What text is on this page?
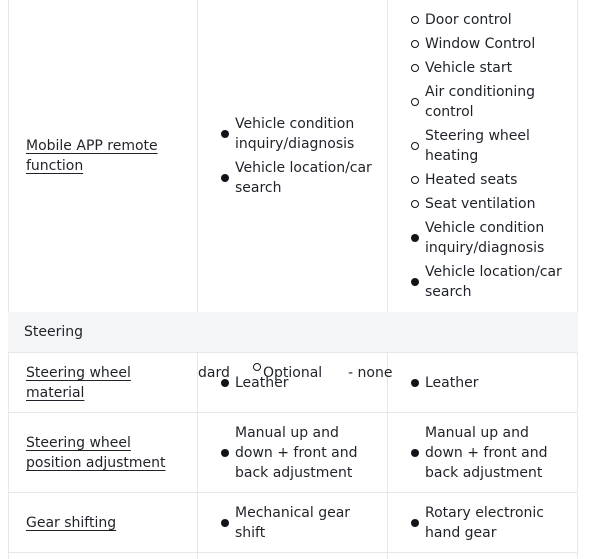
Mobile APP remote function
Vehicle condition inquiry/diagnosis
Vehicle location/car search
Door control
Window Control
Vehicle start
Air conditioning control
Steering wheel heating
Heated seats
Seat ventilation
Vehicle condition inquiry/diagnosis
Vehicle location/car search
Steering
Steering wheel material
Leather	Leather
Steering wheel position adjustment
Manual up and down + front and back adjustment
Manual up and down + front and back adjustment
Gear shifting
Mechanical gear shift
Rotary electronic hand gear
dard Optional - none
